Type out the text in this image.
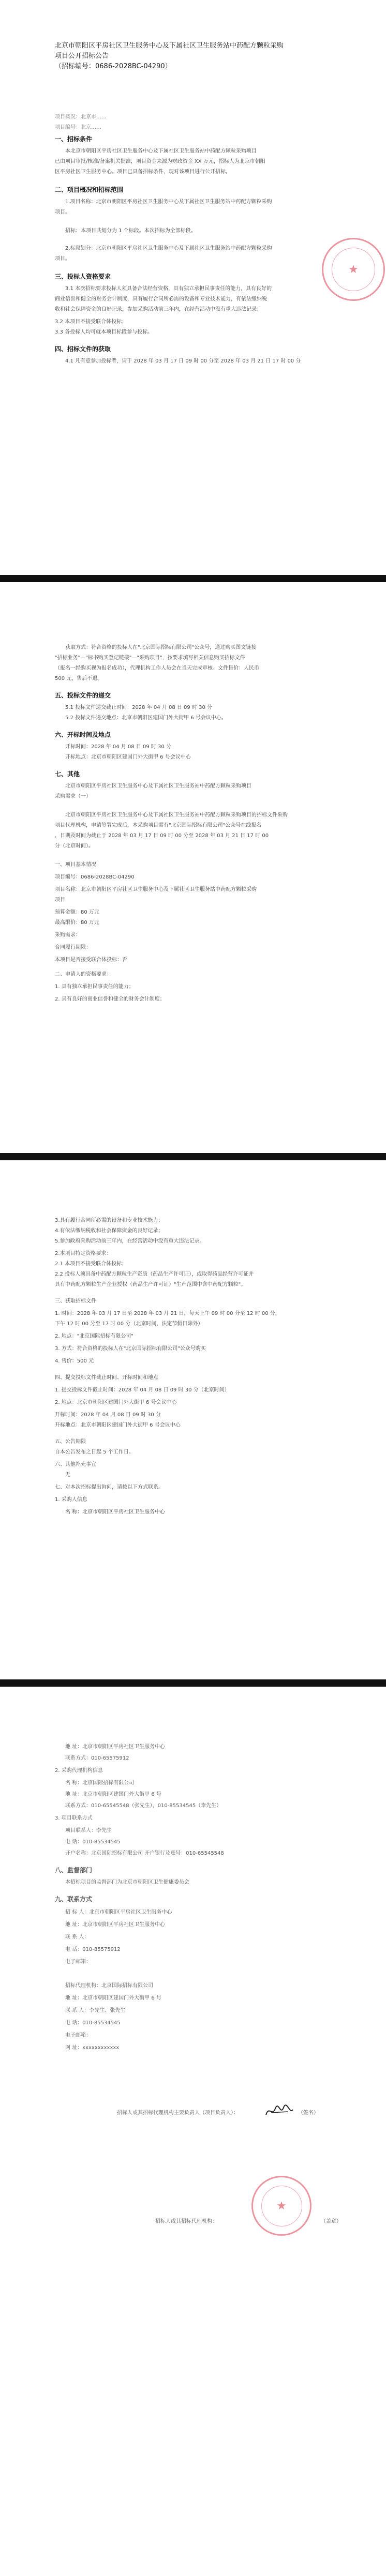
★
北京市朝阳区平房社区卫生服务中心及下属社区卫生服务站中药配方颗粒采购
项目公开招标公告
（招标编号：0686-2028BC-04290）
项目概况：北京市……
项目编号：北京……
一、招标条件
本北京市朝阳区平房社区卫生服务中心及下属社区卫生服务站中药配方颗粒采购项目
已由项目审批/核准/备案机关批准，项目资金来源为财政资金 XX 万元，招标人为北京市朝阳
区平房社区卫生服务中心。项目已具备招标条件，现对该项目进行公开招标。
二、项目概况和招标范围
1.项目名称：北京市朝阳区平房社区卫生服务中心及下属社区卫生服务站中药配方颗粒采购
项目。
招标：本项目共划分为 1 个标段。本次招标为全部标段。
2.标段划分：北京市朝阳区平房社区卫生服务中心及下属社区卫生服务站中药配方颗粒采购
项目。
三、投标人资格要求
3.1 本次招标要求投标人须具备合法经营资格，具有独立承担民事责任的能力，具有良好的
商业信誉和健全的财务会计制度，具有履行合同所必需的设备和专业技术能力，有依法缴纳税
收和社会保障资金的良好记录，参加采购活动前三年内，在经营活动中没有重大违法记录；
3.2 本项目不接受联合体投标；
3.3 各投标人均可就本项目标段参与投标。
四、招标文件的获取
4.1 凡有意参加投标者，请于 2028 年 03 月 17 日 09 时 00 分至 2028 年 03 月 21 日 17 时 00 分
获取方式：符合资格的投标人在"北京国际招标有限公司"公众号，通过购买图文链接
"招标业务"—"标书购买登记链接"—"采购项目"，按要求填写相关信息购买招标文件
（报名一经购买视为报名成功），代理机构工作人员会在当天完成审核。文件售价：人民币
500 元，售后不退。
五、投标文件的递交
5.1 投标文件递交截止时间：2028 年 04 月 08 日 09 时 30 分
5.2 投标文件递交地点：北京市朝阳区建国门外大街甲 6 号会议中心。
六、开标时间及地点
开标时间：2028 年 04 月 08 日 09 时 30 分
开标地点：北京市朝阳区建国门外大街甲 6 号会议中心
七、其他
北京市朝阳区平房社区卫生服务中心及下属社区卫生服务站中药配方颗粒采购项目
采购需求（一）
北京市朝阳区平房社区卫生服务中心及下属社区卫生服务站中药配方颗粒采购项目的招标文件采购
项目代理机构，申请签署完成后，本采购项目需有"北京国际招标有限公司"公众号在线报名
，日期及时间为截止于 2028 年 03 月 17 日 09 时 00 分至 2028 年 03 月 21 日 17 时 00
分（北京时间）。
一、项目基本情况
项目编号：0686-2028BC-04290
项目名称：北京市朝阳区平房社区卫生服务中心及下属社区卫生服务站中药配方颗粒采购
项目
预算金额：80 万元
最高限价：80 万元
采购需求：
合同履行期限：
本项目是否接受联合体投标：否
二、申请人的资格要求：
1. 具有独立承担民事责任的能力；
2. 具有良好的商业信誉和健全的财务会计制度；
3.具有履行合同所必需的设备和专业技术能力；
4.有依法缴纳税收和社会保障资金的良好记录；
5.参加政府采购活动前三年内，在经营活动中没有重大违法记录。
2.本项目特定资格要求：
2.1 本项目不接受联合体投标；
2.2 投标人须具备中药配方颗粒生产资质（药品生产许可证），或取得药品经营许可证并
具有中药配方颗粒生产企业授权（药品生产许可证）"生产范围中含中药配方颗粒"。
三、获取招标文件
1. 时间：2028 年 03 月 17 日至 2028 年 03 月 21 日，每天上午 09 时 00 分至 12 时 00 分，
下午 12 时 00 分至 17 时 00 分（北京时间，法定节假日除外）
2. 地点："北京国际招标有限公司"
3. 方式：符合资格的投标人在"北京国际招标有限公司"公众号购买
4. 售价：500 元
四、提交投标文件截止时间、开标时间和地点
1. 提交投标文件截止时间：2028 年 04 月 08 日 09 时 30 分（北京时间）
2. 地点：北京市朝阳区建国门外大街甲 6 号会议中心
开标时间：2028 年 04 月 08 日 09 时 30 分
开标地点：北京市朝阳区建国门外大街甲 6 号会议中心
五、公告期限
自本公告发布之日起 5 个工作日。
六、其他补充事宜
无
七、对本次招标提出询问，请按以下方式联系。
1. 采购人信息
名 称：北京市朝阳区平房社区卫生服务中心
地 址：北京市朝阳区平房社区卫生服务中心
联系方式：010-65575912
2. 采购代理机构信息
名 称：北京国际招标有限公司
地 址：北京市朝阳区建国门外大街甲 6 号
联系方式：010-65545548（张先生），010-85534545（李先生）
3. 项目联系方式
项目联系人：李先生
电 话：010-85534545
开户名称：北京国际招标有限公司 开户银行及账号：010-65545548
八、监督部门
本招标项目的监督部门为北京市朝阳区卫生健康委员会
九、联系方式
招 标 人：北京市朝阳区平房社区卫生服务中心
地 址：北京市朝阳区平房社区卫生服务中心
联 系 人：
电 话：010-85575912
电子邮箱：
招标代理机构：北京国际招标有限公司
地 址：北京市朝阳区建国门外大街甲 6 号
联 系 人：李先生、张先生
电 话：010-85534545
电子邮箱：
网 址：xxxxxxxxxxxx
招标人或其招标代理机构主要负责人（项目负责人）：	（签名）
★
招标人或其招标代理机构：	（盖章）
